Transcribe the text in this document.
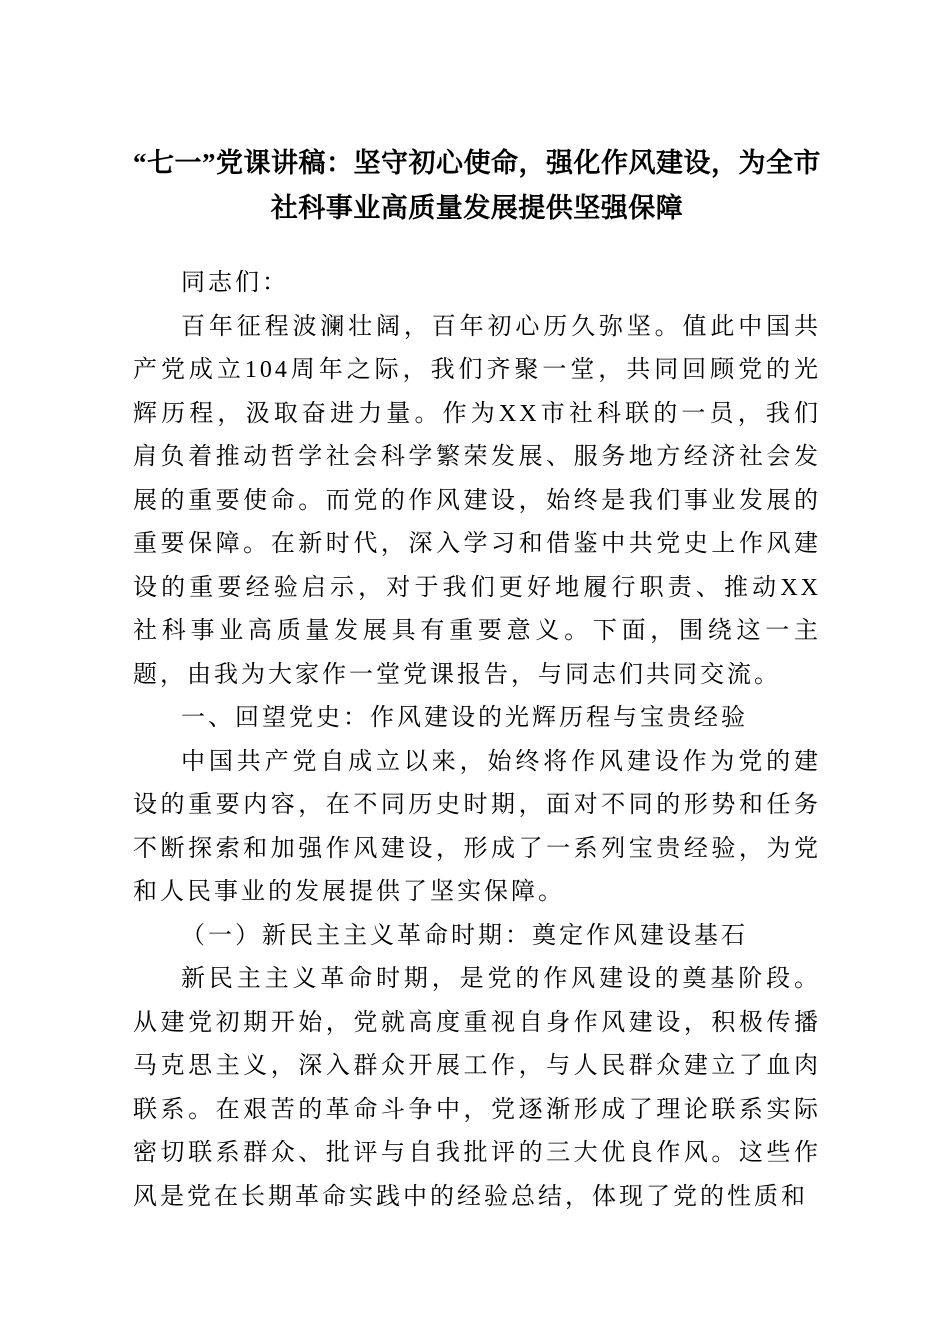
“七一”党课讲稿：坚守初心使命，强化作风建设，为全市社科事业高质量发展提供坚强保障

同志们：

百年征程波澜壮阔，百年初心历久弥坚。值此中国共产党成立104周年之际，我们齐聚一堂，共同回顾党的光辉历程，汲取奋进力量。作为XX市社科联的一员，我们肩负着推动哲学社会科学繁荣发展、服务地方经济社会发展的重要使命。而党的作风建设，始终是我们事业发展的重要保障。在新时代，深入学习和借鉴中共党史上作风建设的重要经验启示，对于我们更好地履行职责、推动XX社科事业高质量发展具有重要意义。下面，围绕这一主题，由我为大家作一堂党课报告，与同志们共同交流。

一、回望党史：作风建设的光辉历程与宝贵经验

中国共产党自成立以来，始终将作风建设作为党的建设的重要内容，在不同历史时期，面对不同的形势和任务不断探索和加强作风建设，形成了一系列宝贵经验，为党和人民事业的发展提供了坚实保障。

（一）新民主主义革命时期：奠定作风建设基石

新民主主义革命时期，是党的作风建设的奠基阶段。从建党初期开始，党就高度重视自身作风建设，积极传播马克思主义，深入群众开展工作，与人民群众建立了血肉联系。在艰苦的革命斗争中，党逐渐形成了理论联系实际密切联系群众、批评与自我批评的三大优良作风。这些作风是党在长期革命实践中的经验总结，体现了党的性质和
